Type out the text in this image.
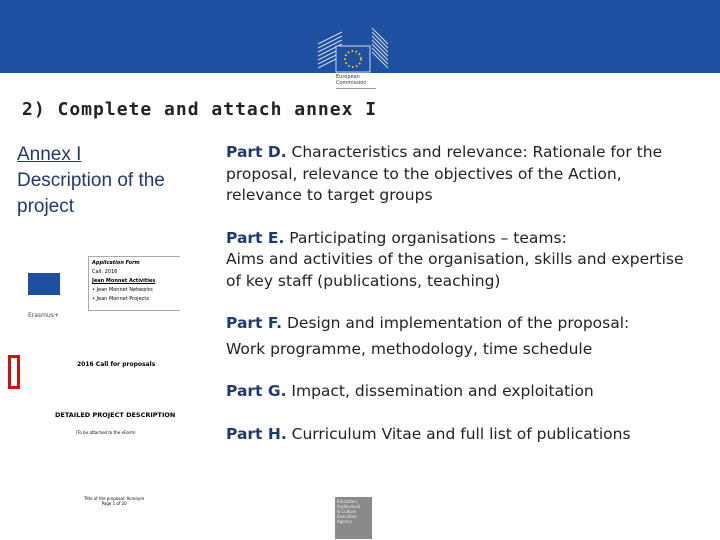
European
Commission
2) Complete and attach annex I
Annex I
Description of the
project

Part D. Characteristics and relevance: Rationale for the proposal, relevance to the objectives of the Action, relevance to target groups

Part E. Participating organisations – teams:
Aims and activities of the organisation, skills and expertise of key staff (publications, teaching)

Part F. Design and implementation of the proposal:
Work programme, methodology, time schedule

Part G. Impact, dissemination and exploitation

Part H. Curriculum Vitae and full list of publications

Erasmus+
Application Form
Call: 2016
Jean Monnet Activities
• Jean Monnet Networks
• Jean Monnet Projects
2016 Call for proposals
DETAILED PROJECT DESCRIPTION
(To be attached to the eForm)
Title of the proposal: Acronym
Page 1 of 20	Education,
Audiovisual
& Culture
Executive Agency
